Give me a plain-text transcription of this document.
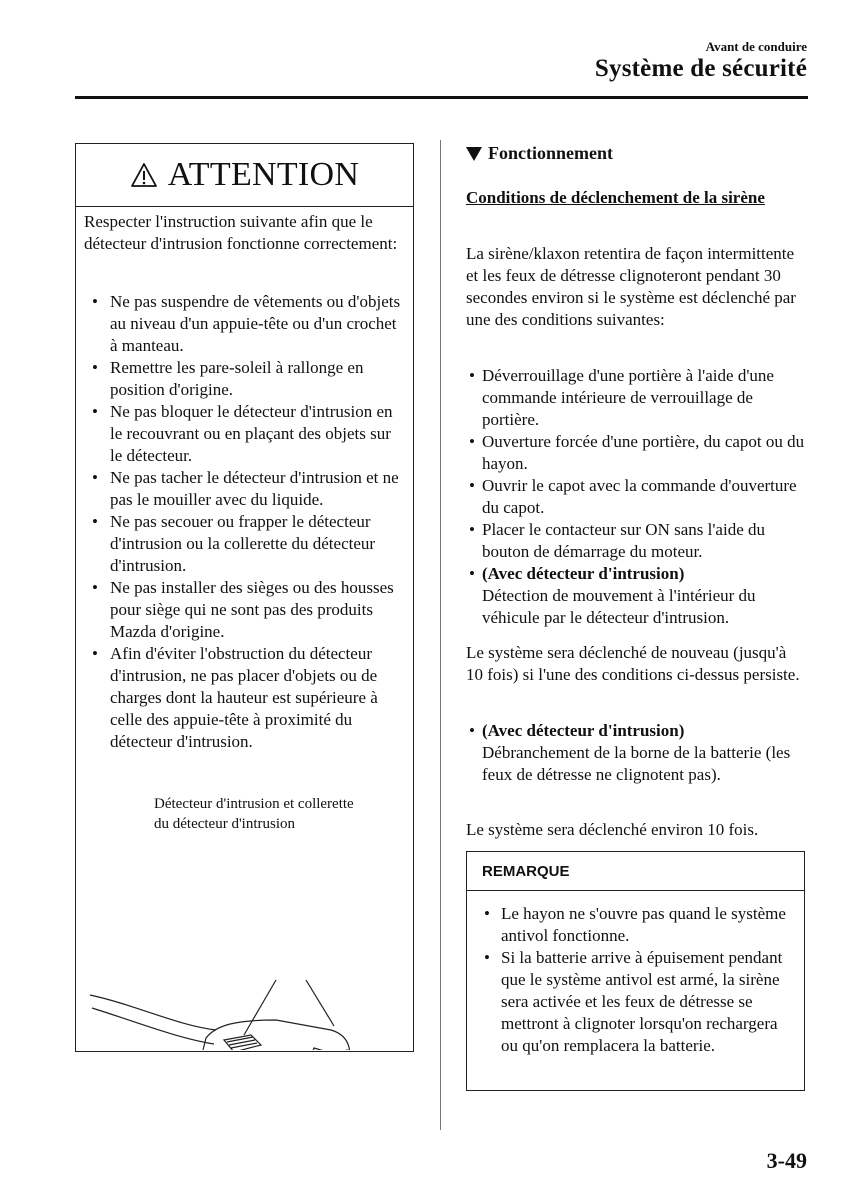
Avant de conduire
Système de sécurité
ATTENTION
Respecter l'instruction suivante afin que le détecteur d'intrusion fonctionne correctement:
• Ne pas suspendre de vêtements ou d'objets au niveau d'un appuie-tête ou d'un crochet à manteau.
• Remettre les pare-soleil à rallonge en position d'origine.
• Ne pas bloquer le détecteur d'intrusion en le recouvrant ou en plaçant des objets sur le détecteur.
• Ne pas tacher le détecteur d'intrusion et ne pas le mouiller avec du liquide.
• Ne pas secouer ou frapper le détecteur d'intrusion ou la collerette du détecteur d'intrusion.
• Ne pas installer des sièges ou des housses pour siège qui ne sont pas des produits Mazda d'origine.
• Afin d'éviter l'obstruction du détecteur d'intrusion, ne pas placer d'objets ou de charges dont la hauteur est supérieure à celle des appuie-tête à proximité du détecteur d'intrusion.
Détecteur d'intrusion et collerette
du détecteur d'intrusion
Fonctionnement
Conditions de déclenchement de la sirène
La sirène/klaxon retentira de façon intermittente et les feux de détresse clignoteront pendant 30 secondes environ si le système est déclenché par une des conditions suivantes:
• Déverrouillage d'une portière à l'aide d'une commande intérieure de verrouillage de portière.
• Ouverture forcée d'une portière, du capot ou du hayon.
• Ouvrir le capot avec la commande d'ouverture du capot.
• Placer le contacteur sur ON sans l'aide du bouton de démarrage du moteur.
• (Avec détecteur d'intrusion)
Détection de mouvement à l'intérieur du véhicule par le détecteur d'intrusion.
Le système sera déclenché de nouveau (jusqu'à 10 fois) si l'une des conditions ci-dessus persiste.
• (Avec détecteur d'intrusion)
Débranchement de la borne de la batterie (les feux de détresse ne clignotent pas).
Le système sera déclenché environ 10 fois.
REMARQUE
• Le hayon ne s'ouvre pas quand le système antivol fonctionne.
• Si la batterie arrive à épuisement pendant que le système antivol est armé, la sirène sera activée et les feux de détresse se mettront à clignoter lorsqu'on rechargera ou qu'on remplacera la batterie.
3-49
